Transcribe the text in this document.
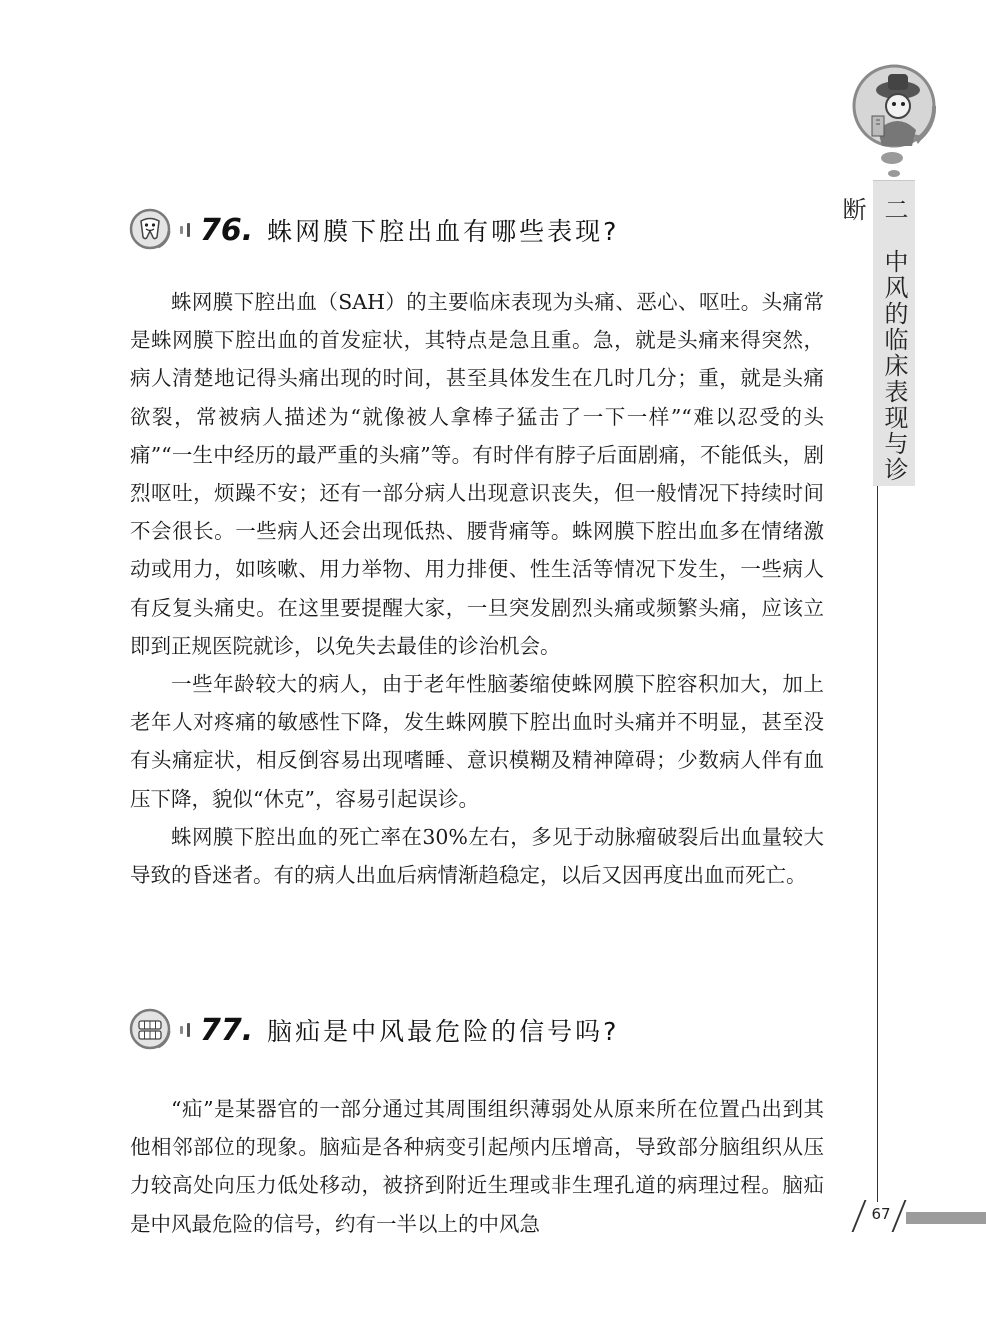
二　中风的临床表现与诊断
76. 蛛网膜下腔出血有哪些表现?

蛛网膜下腔出血（SAH）的主要临床表现为头痛、恶心、呕吐。头痛常是蛛网膜下腔出血的首发症状，其特点是急且重。急，就是头痛来得突然，病人清楚地记得头痛出现的时间，甚至具体发生在几时几分；重，就是头痛欲裂，常被病人描述为“就像被人拿棒子猛击了一下一样”“难以忍受的头痛”“一生中经历的最严重的头痛”等。有时伴有脖子后面剧痛，不能低头，剧烈呕吐，烦躁不安；还有一部分病人出现意识丧失，但一般情况下持续时间不会很长。一些病人还会出现低热、腰背痛等。蛛网膜下腔出血多在情绪激动或用力，如咳嗽、用力举物、用力排便、性生活等情况下发生，一些病人有反复头痛史。在这里要提醒大家，一旦突发剧烈头痛或频繁头痛，应该立即到正规医院就诊，以免失去最佳的诊治机会。

一些年龄较大的病人，由于老年性脑萎缩使蛛网膜下腔容积加大，加上老年人对疼痛的敏感性下降，发生蛛网膜下腔出血时头痛并不明显，甚至没有头痛症状，相反倒容易出现嗜睡、意识模糊及精神障碍；少数病人伴有血压下降，貌似“休克”，容易引起误诊。

蛛网膜下腔出血的死亡率在30%左右，多见于动脉瘤破裂后出血量较大导致的昏迷者。有的病人出血后病情渐趋稳定，以后又因再度出血而死亡。

77. 脑疝是中风最危险的信号吗?

“疝”是某器官的一部分通过其周围组织薄弱处从原来所在位置凸出到其他相邻部位的现象。脑疝是各种病变引起颅内压增高，导致部分脑组织从压力较高处向压力低处移动，被挤到附近生理或非生理孔道的病理过程。脑疝是中风最危险的信号，约有一半以上的中风急	67
